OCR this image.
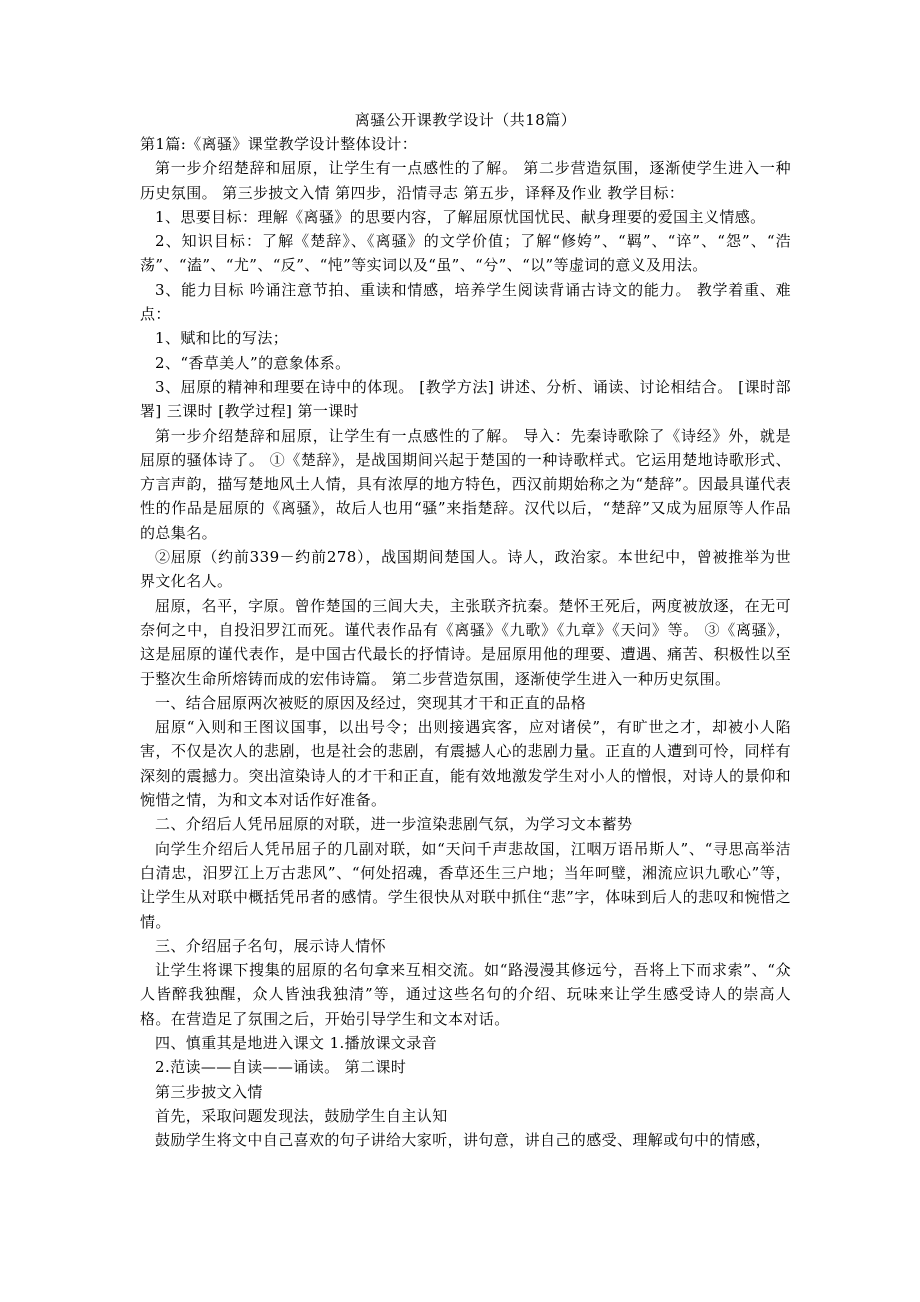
离骚公开课教学设计（共18篇）

第1篇:《离骚》课堂教学设计整体设计：

第一步介绍楚辞和屈原，让学生有一点感性的了解。 第二步营造氛围，逐渐使学生进入一种历史氛围。 第三步披文入情 第四步，沿情寻志 第五步，译释及作业 教学目标：

1、思要目标：理解《离骚》的思要内容，了解屈原忧国忧民、献身理要的爱国主义情感。

2、知识目标：了解《楚辞》、《离骚》的文学价值；了解“修姱”、“羁”、“谇”、“怨”、“浩荡”、“溘”、“尤”、“反”、“忳”等实词以及“虽”、“兮”、“以”等虚词的意义及用法。

3、能力目标 吟诵注意节拍、重读和情感，培养学生阅读背诵古诗文的能力。 教学着重、难点：

1、赋和比的写法；

2、“香草美人”的意象体系。

3、屈原的精神和理要在诗中的体现。 [教学方法] 讲述、分析、诵读、讨论相结合。 [课时部署] 三课时 [教学过程] 第一课时

第一步介绍楚辞和屈原，让学生有一点感性的了解。 导入：先秦诗歌除了《诗经》外，就是屈原的骚体诗了。 ①《楚辞》，是战国期间兴起于楚国的一种诗歌样式。它运用楚地诗歌形式、方言声韵，描写楚地风土人情，具有浓厚的地方特色，西汉前期始称之为“楚辞”。因最具谨代表性的作品是屈原的《离骚》，故后人也用“骚”来指楚辞。汉代以后，“楚辞”又成为屈原等人作品的总集名。

②屈原（约前339－约前278），战国期间楚国人。诗人，政治家。本世纪中，曾被推举为世界文化名人。

屈原，名平，字原。曾作楚国的三闾大夫，主张联齐抗秦。楚怀王死后，两度被放逐，在无可奈何之中，自投汨罗江而死。谨代表作品有《离骚》《九歌》《九章》《天问》等。 ③《离骚》，这是屈原的谨代表作，是中国古代最长的抒情诗。是屈原用他的理要、遭遇、痛苦、积极性以至于整次生命所熔铸而成的宏伟诗篇。 第二步营造氛围，逐渐使学生进入一种历史氛围。

一、结合屈原两次被贬的原因及经过，突现其才干和正直的品格

屈原“入则和王图议国事，以出号令；出则接遇宾客，应对诸侯”，有旷世之才，却被小人陷害，不仅是次人的悲剧，也是社会的悲剧，有震撼人心的悲剧力量。正直的人遭到可怜，同样有深刻的震撼力。突出渲染诗人的才干和正直，能有效地激发学生对小人的憎恨，对诗人的景仰和惋惜之情，为和文本对话作好准备。

二、介绍后人凭吊屈原的对联，进一步渲染悲剧气氛，为学习文本蓄势

向学生介绍后人凭吊屈子的几副对联，如“天问千声悲故国，江咽万语吊斯人”、“寻思高举洁白清忠，汨罗江上万古悲风”、“何处招魂，香草还生三户地；当年呵璧，湘流应识九歌心”等，让学生从对联中概括凭吊者的感情。学生很快从对联中抓住“悲”字，体味到后人的悲叹和惋惜之情。

三、介绍屈子名句，展示诗人情怀

让学生将课下搜集的屈原的名句拿来互相交流。如“路漫漫其修远兮，吾将上下而求索”、“众人皆醉我独醒，众人皆浊我独清”等，通过这些名句的介绍、玩味来让学生感受诗人的崇高人格。在营造足了氛围之后，开始引导学生和文本对话。

四、慎重其是地进入课文 1.播放课文录音

2.范读——自读——诵读。 第二课时

第三步披文入情

首先，采取问题发现法，鼓励学生自主认知

鼓励学生将文中自己喜欢的句子讲给大家听，讲句意，讲自己的感受、理解或句中的情感，
